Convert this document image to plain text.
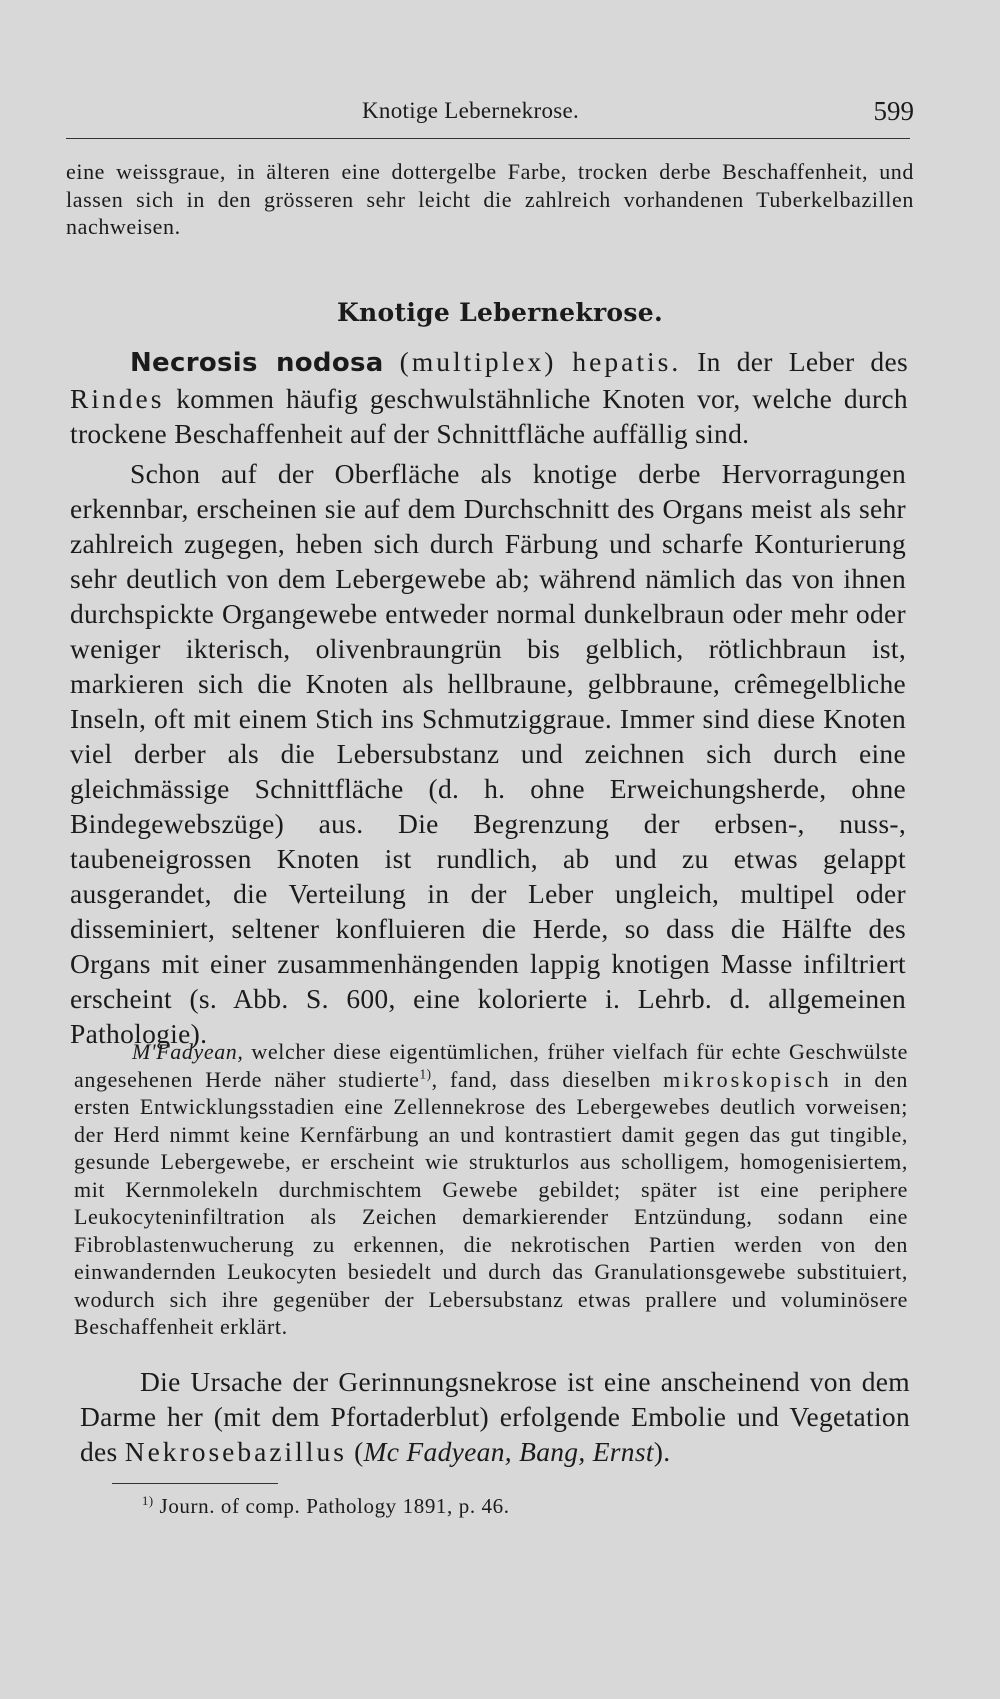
Knotige Lebernekrose.	599

eine weissgraue, in älteren eine dottergelbe Farbe, trocken derbe Beschaffenheit, und lassen sich in den grösseren sehr leicht die zahlreich vorhandenen Tuberkelbazillen nachweisen.

Knotige Lebernekrose.

Necrosis nodosa (multiplex) hepatis. In der Leber des Rindes kommen häufig geschwulstähnliche Knoten vor, welche durch trockene Beschaffenheit auf der Schnittfläche auffällig sind.

Schon auf der Oberfläche als knotige derbe Hervorragungen erkennbar, erscheinen sie auf dem Durchschnitt des Organs meist als sehr zahlreich zugegen, heben sich durch Färbung und scharfe Konturierung sehr deutlich von dem Lebergewebe ab; während nämlich das von ihnen durchspickte Organgewebe entweder normal dunkelbraun oder mehr oder weniger ikterisch, olivenbraungrün bis gelblich, rötlichbraun ist, markieren sich die Knoten als hellbraune, gelbbraune, crêmegelbliche Inseln, oft mit einem Stich ins Schmutziggraue. Immer sind diese Knoten viel derber als die Lebersubstanz und zeichnen sich durch eine gleichmässige Schnittfläche (d. h. ohne Erweichungsherde, ohne Bindegewebszüge) aus. Die Begrenzung der erbsen-, nuss-, taubeneigrossen Knoten ist rundlich, ab und zu etwas gelappt ausgerandet, die Verteilung in der Leber ungleich, multipel oder disseminiert, seltener konfluieren die Herde, so dass die Hälfte des Organs mit einer zusammenhängenden lappig knotigen Masse infiltriert erscheint (s. Abb. S. 600, eine kolorierte i. Lehrb. d. allgemeinen Pathologie).

M'Fadyean, welcher diese eigentümlichen, früher vielfach für echte Geschwülste angesehenen Herde näher studierte$^{1)}$, fand, dass dieselben mikroskopisch in den ersten Entwicklungsstadien eine Zellennekrose des Lebergewebes deutlich vorweisen; der Herd nimmt keine Kernfärbung an und kontrastiert damit gegen das gut tingible, gesunde Lebergewebe, er erscheint wie strukturlos aus scholligem, homogenisiertem, mit Kernmolekeln durchmischtem Gewebe gebildet; später ist eine periphere Leukocyteninfiltration als Zeichen demarkierender Entzündung, sodann eine Fibroblastenwucherung zu erkennen, die nekrotischen Partien werden von den einwandernden Leukocyten besiedelt und durch das Granulationsgewebe substituiert, wodurch sich ihre gegenüber der Lebersubstanz etwas prallere und voluminösere Beschaffenheit erklärt.

Die Ursache der Gerinnungsnekrose ist eine anscheinend von dem Darme her (mit dem Pfortaderblut) erfolgende Embolie und Vegetation des Nekrosebazillus (Mc Fadyean, Bang, Ernst).

$^{1)}$ Journ. of comp. Pathology 1891, p. 46.
